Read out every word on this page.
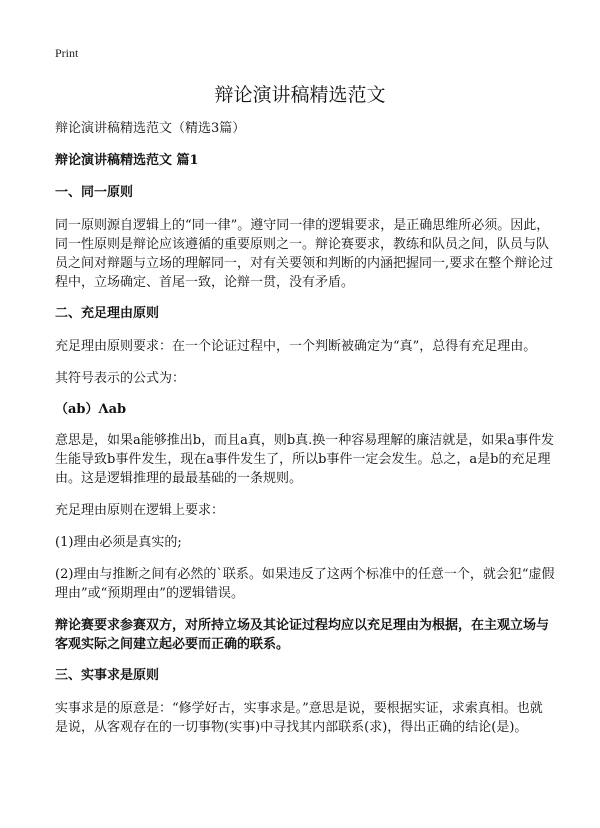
Print
辩论演讲稿精选范文

辩论演讲稿精选范文（精选3篇）

辩论演讲稿精选范文 篇1
一、同一原则

同一原则源自逻辑上的“同一律”。遵守同一律的逻辑要求，是正确思维所必须。因此，同一性原则是辩论应该遵循的重要原则之一。辩论赛要求，教练和队员之间，队员与队员之间对辩题与立场的理解同一，对有关要领和判断的内涵把握同一,要求在整个辩论过程中，立场确定、首尾一致，论辩一贯，没有矛盾。

二、充足理由原则

充足理由原则要求：在一个论证过程中，一个判断被确定为“真”，总得有充足理由。

其符号表示的公式为：

（ab）Λab

意思是，如果a能够推出b，而且a真，则b真.换一种容易理解的廉洁就是，如果a事件发生能导致b事件发生，现在a事件发生了，所以b事件一定会发生。总之，a是b的充足理由。这是逻辑推理的最最基础的一条规则。

充足理由原则在逻辑上要求：

(1)理由必须是真实的;

(2)理由与推断之间有必然的`联系。如果违反了这两个标准中的任意一个，就会犯“虚假理由”或“预期理由”的逻辑错误。

辩论赛要求参赛双方，对所持立场及其论证过程均应以充足理由为根据，在主观立场与客观实际之间建立起必要而正确的联系。

三、实事求是原则

实事求是的原意是：“修学好古，实事求是。”意思是说，要根据实证，求索真相。也就是说，从客观存在的一切事物(实事)中寻找其内部联系(求)，得出正确的结论(是)。
